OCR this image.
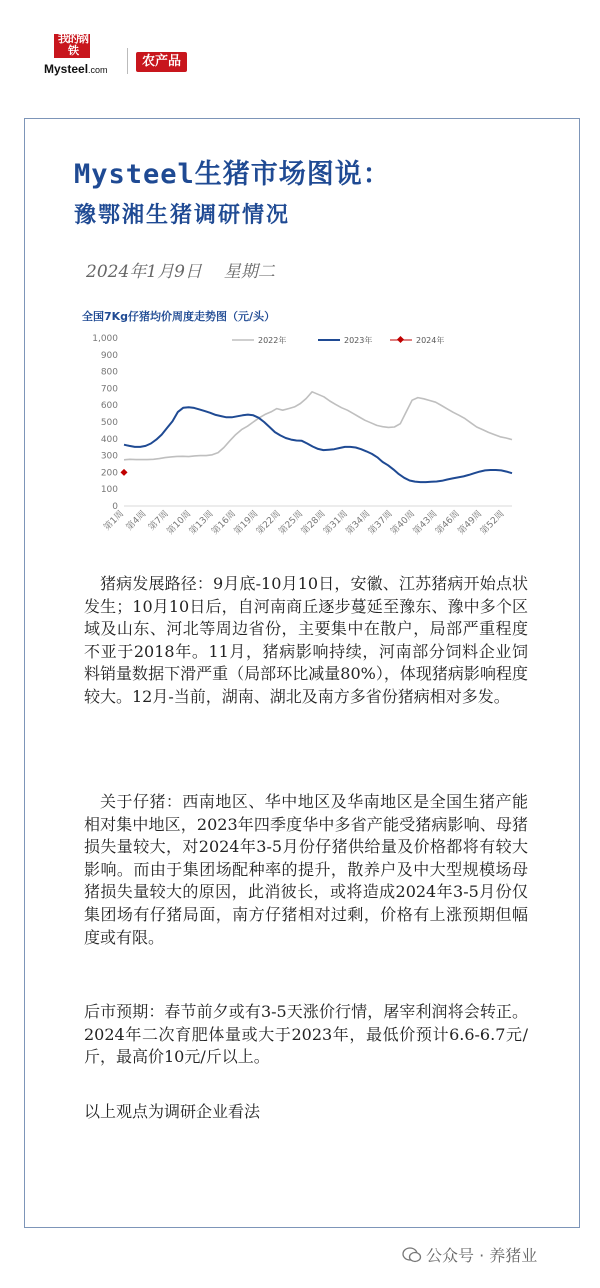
我的钢铁
Mysteel.com
农产品
Mysteel生猪市场图说：
豫鄂湘生猪调研情况
2024年1月9日 星期二
全国7Kg仔猪均价周度走势图（元/头）
2022年	2023年	2024年
0
100
200
300
400
500
600
700
800
900
1,000
第1周
第4周
第7周
第10周
第13周
第16周
第19周
第22周
第25周
第28周
第31周
第34周
第37周
第40周
第43周
第46周
第49周
第52周
猪病发展路径：9月底-10月10日，安徽、江苏猪病开始点状发生；10月10日后，自河南商丘逐步蔓延至豫东、豫中多个区域及山东、河北等周边省份，主要集中在散户，局部严重程度不亚于2018年。11月，猪病影响持续，河南部分饲料企业饲料销量数据下滑严重（局部环比减量80%），体现猪病影响程度较大。12月-当前，湖南、湖北及南方多省份猪病相对多发。
关于仔猪：西南地区、华中地区及华南地区是全国生猪产能相对集中地区，2023年四季度华中多省产能受猪病影响、母猪损失量较大，对2024年3-5月份仔猪供给量及价格都将有较大影响。而由于集团场配种率的提升，散养户及中大型规模场母猪损失量较大的原因，此消彼长，或将造成2024年3-5月份仅集团场有仔猪局面，南方仔猪相对过剩，价格有上涨预期但幅度或有限。
后市预期：春节前夕或有3-5天涨价行情，屠宰利润将会转正。2024年二次育肥体量或大于2023年，最低价预计6.6-6.7元/斤，最高价10元/斤以上。
以上观点为调研企业看法
公众号 · 养猪业
